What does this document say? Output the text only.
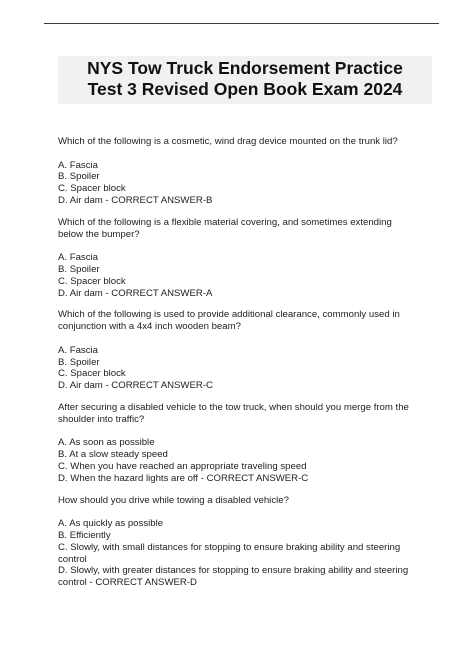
NYS Tow Truck Endorsement Practice
Test 3 Revised Open Book Exam 2024

Which of the following is a cosmetic, wind drag device mounted on the trunk lid?

A. Fascia
B. Spoiler
C. Spacer block
D. Air dam - CORRECT ANSWER-B

Which of the following is a flexible material covering, and sometimes extending below the bumper?

A. Fascia
B. Spoiler
C. Spacer block
D. Air dam - CORRECT ANSWER-A

Which of the following is used to provide additional clearance, commonly used in conjunction with a 4x4 inch wooden beam?

A. Fascia
B. Spoiler
C. Spacer block
D. Air dam - CORRECT ANSWER-C

After securing a disabled vehicle to the tow truck, when should you merge from the shoulder into traffic?

A. As soon as possible
B. At a slow steady speed
C. When you have reached an appropriate traveling speed
D. When the hazard lights are off - CORRECT ANSWER-C

How should you drive while towing a disabled vehicle?

A. As quickly as possible
B. Efficiently
C. Slowly, with small distances for stopping to ensure braking ability and steering control
D. Slowly, with greater distances for stopping to ensure braking ability and steering control - CORRECT ANSWER-D
